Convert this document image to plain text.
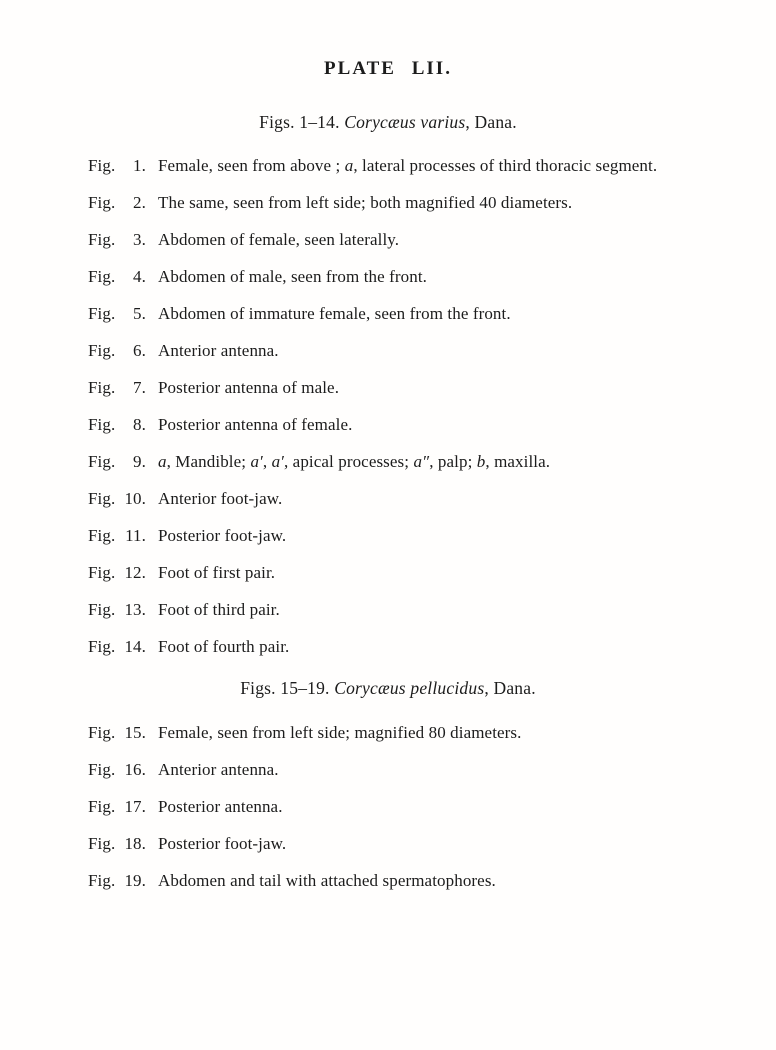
PLATE LII.
Figs. 1–14. Corycæus varius, Dana.
Fig.	1. Female, seen from above ; a, lateral processes of third thoracic segment.
Fig.	2. The same, seen from left side; both magnified 40 diameters.
Fig.	3. Abdomen of female, seen laterally.
Fig.	4. Abdomen of male, seen from the front.
Fig.	5. Abdomen of immature female, seen from the front.
Fig.	6. Anterior antenna.
Fig.	7. Posterior antenna of male.
Fig.	8. Posterior antenna of female.
Fig.	9. a, Mandible; a′, a′, apical processes; a″, palp; b, maxilla.
Fig. 10. Anterior foot-jaw.
Fig. 11. Posterior foot-jaw.
Fig. 12. Foot of first pair.
Fig. 13. Foot of third pair.
Fig. 14. Foot of fourth pair.
Figs. 15–19. Corycæus pellucidus, Dana.
Fig. 15. Female, seen from left side; magnified 80 diameters.
Fig. 16. Anterior antenna.
Fig. 17. Posterior antenna.
Fig. 18. Posterior foot-jaw.
Fig. 19. Abdomen and tail with attached spermatophores.
